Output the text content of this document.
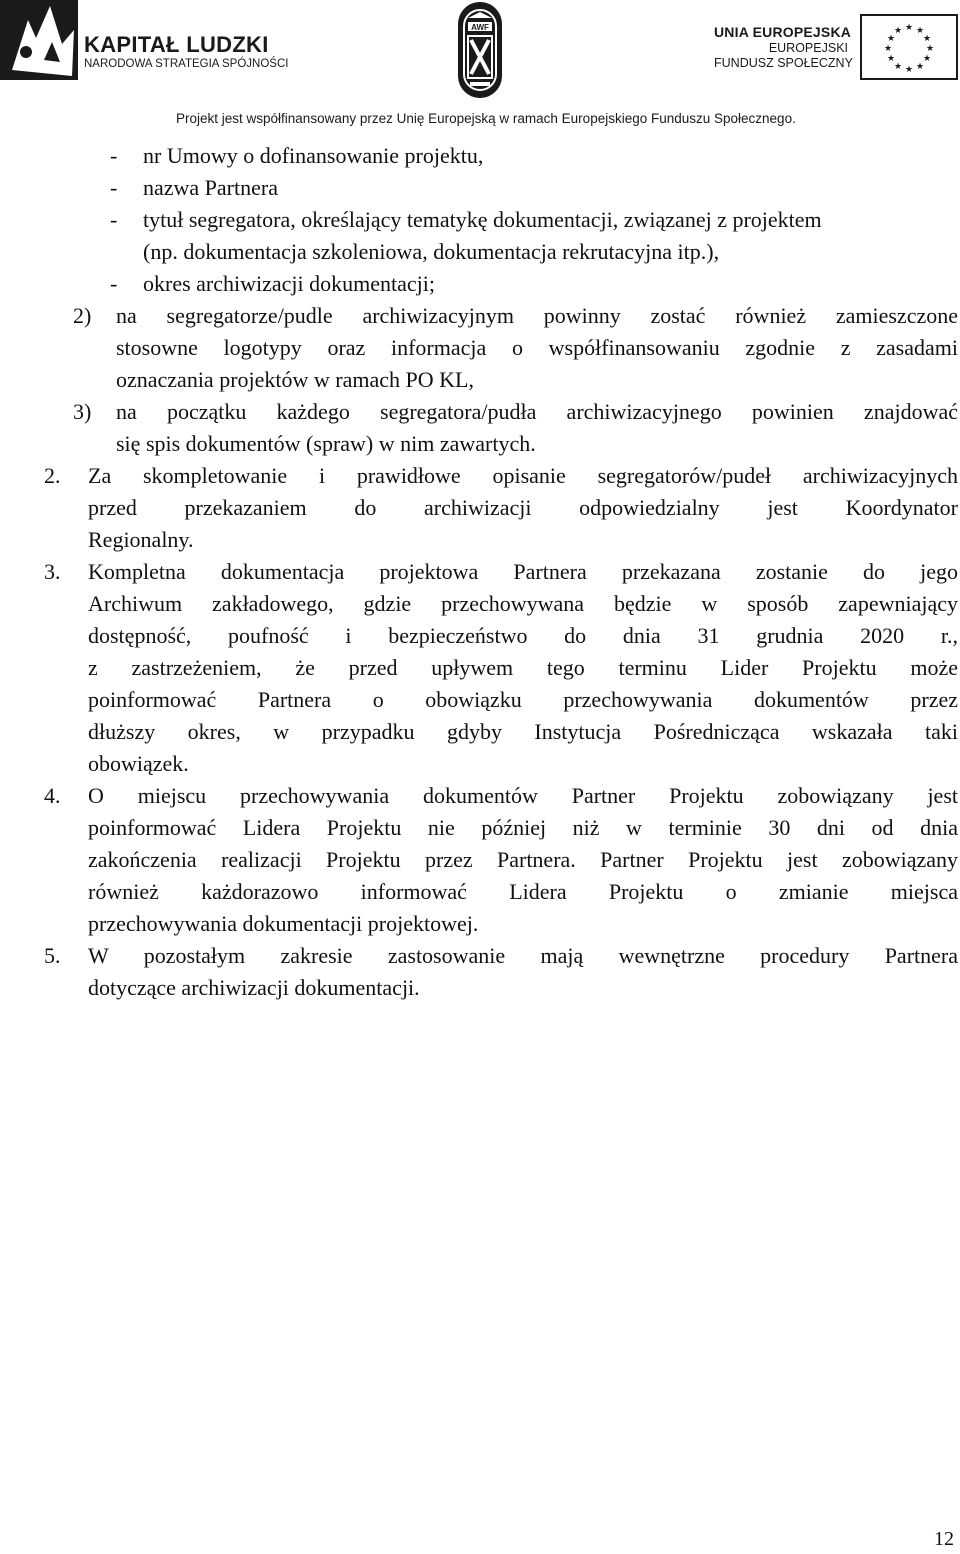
KAPITAŁ LUDZKI
NARODOWA STRATEGIA SPÓJNOŚCI
AWF	UNIA EUROPEJSKA
EUROPEJSKI
FUNDUSZ SPOŁECZNY
★ ★
★
★
★
★
★
★
★
★
★
★
Projekt jest współfinansowany przez Unię Europejską w ramach Europejskiego Funduszu Społecznego.
- nr Umowy o dofinansowanie projektu,
- nazwa Partnera
- tytuł segregatora, określający tematykę dokumentacji, związanej z projektem
(np. dokumentacja szkoleniowa, dokumentacja rekrutacyjna itp.),
- okres archiwizacji dokumentacji;
2) na segregatorze/pudle archiwizacyjnym powinny zostać również zamieszczone
stosowne logotypy oraz informacja o współfinansowaniu zgodnie z zasadami
oznaczania projektów w ramach PO KL,
3) na początku każdego segregatora/pudła archiwizacyjnego powinien znajdować
się spis dokumentów (spraw) w nim zawartych.
2. Za skompletowanie i prawidłowe opisanie segregatorów/pudeł archiwizacyjnych
przed przekazaniem do archiwizacji odpowiedzialny jest Koordynator
Regionalny.
3. Kompletna dokumentacja projektowa Partnera przekazana zostanie do jego
Archiwum zakładowego, gdzie przechowywana będzie w sposób zapewniający
dostępność, poufność i bezpieczeństwo do dnia 31 grudnia 2020 r.,
z zastrzeżeniem, że przed upływem tego terminu Lider Projektu może
poinformować Partnera o obowiązku przechowywania dokumentów przez
dłuższy okres, w przypadku gdyby Instytucja Pośrednicząca wskazała taki
obowiązek.
4. O miejscu przechowywania dokumentów Partner Projektu zobowiązany jest
poinformować Lidera Projektu nie później niż w terminie 30 dni od dnia
zakończenia realizacji Projektu przez Partnera. Partner Projektu jest zobowiązany
również każdorazowo informować Lidera Projektu o zmianie miejsca
przechowywania dokumentacji projektowej.
5. W pozostałym zakresie zastosowanie mają wewnętrzne procedury Partnera
dotyczące archiwizacji dokumentacji.
12
